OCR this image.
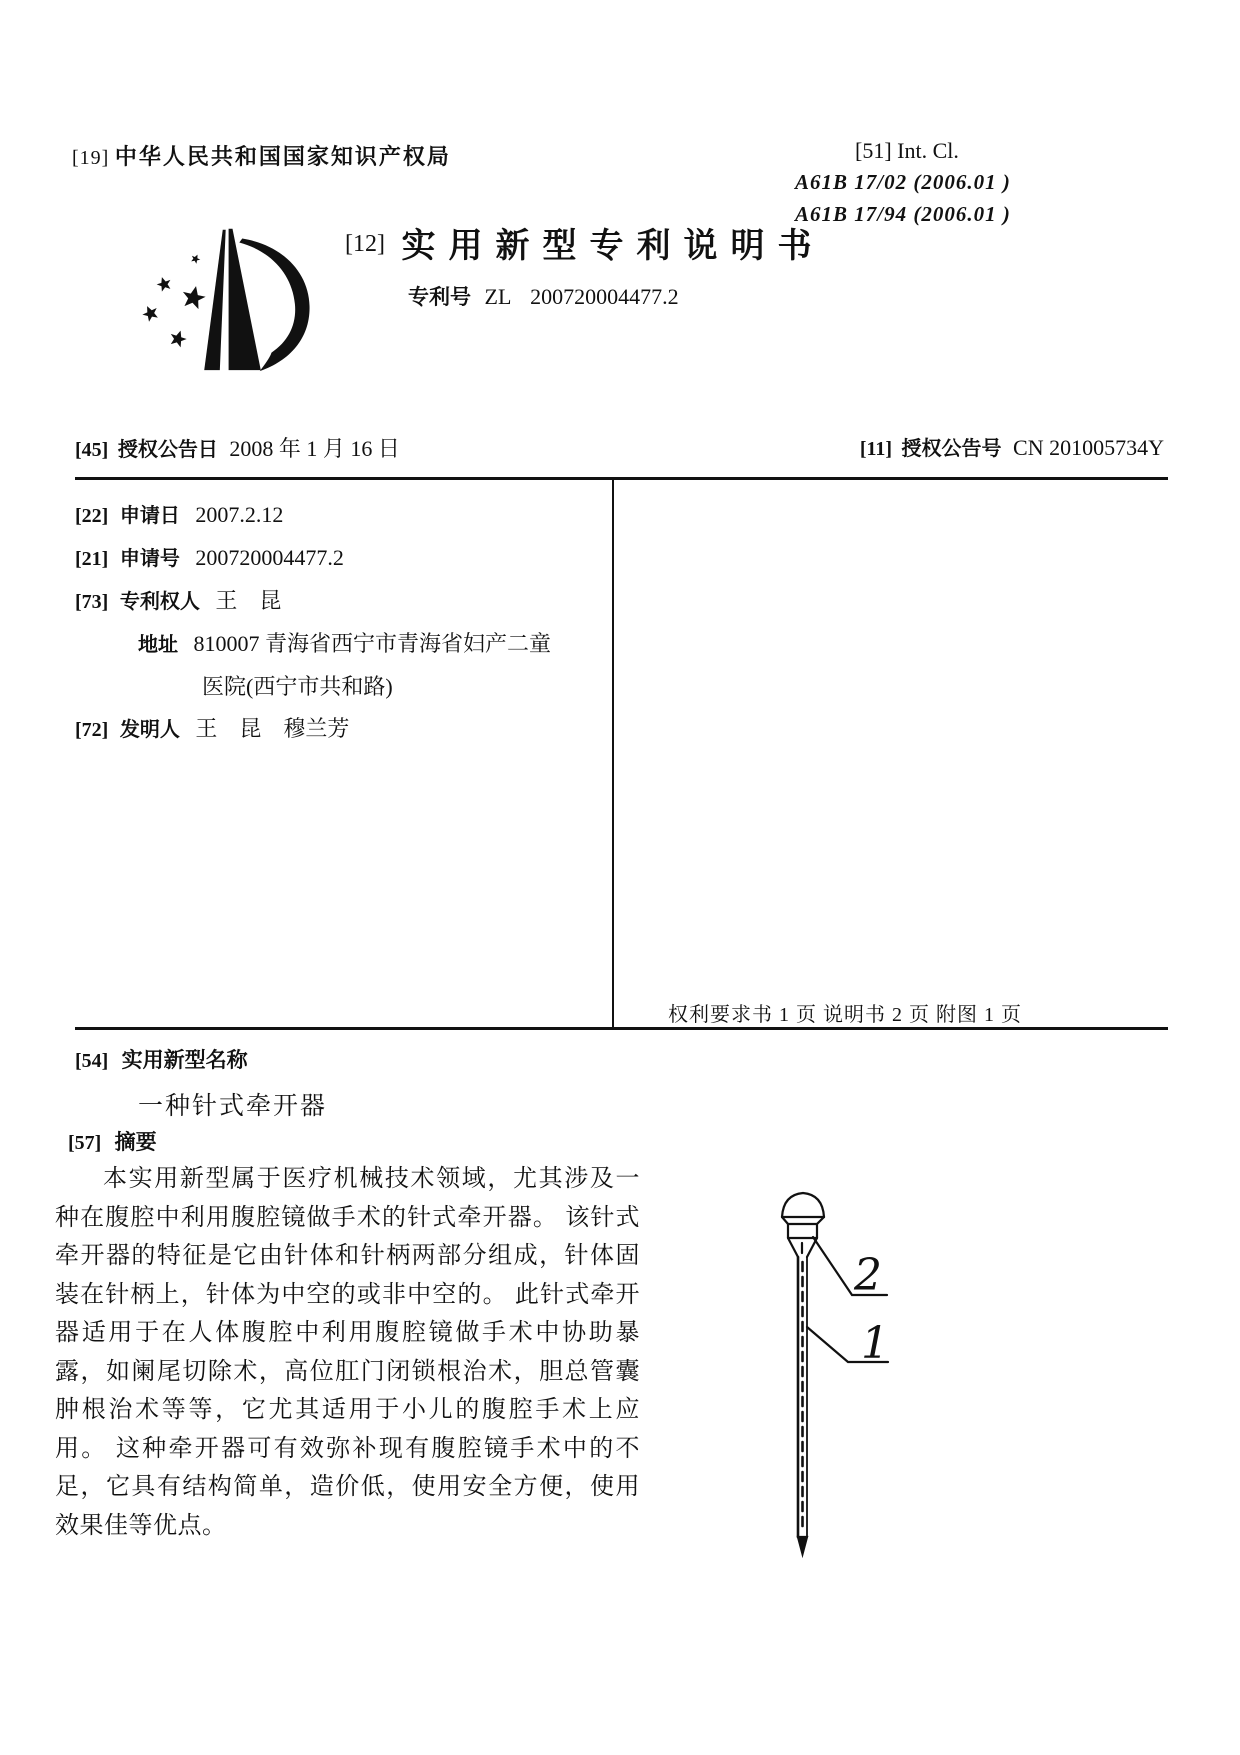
[19] 中华人民共和国国家知识产权局	[51] Int. Cl.
A61B 17/02 (2006.01 )
A61B 17/94 (2006.01 )
[12] 实用新型专利说明书
专利号 ZL 200720004477.2
[45] 授权公告日 2008 年 1 月 16 日	[11] 授权公告号 CN 201005734Y
[22] 申请日 2007.2.12
[21] 申请号 200720004477.2
[73] 专利权人 王　昆
地址 810007 青海省西宁市青海省妇产二童
医院(西宁市共和路)
[72] 发明人 王　昆　穆兰芳
权利要求书 1 页 说明书 2 页 附图 1 页
[54] 实用新型名称
一种针式牵开器
[57] 摘要
本实用新型属于医疗机械技术领域，尤其涉及一种在腹腔中利用腹腔镜做手术的针式牵开器。 该针式牵开器的特征是它由针体和针柄两部分组成，针体固装在针柄上，针体为中空的或非中空的。 此针式牵开器适用于在人体腹腔中利用腹腔镜做手术中协助暴露，如阑尾切除术，高位肛门闭锁根治术，胆总管囊肿根治术等等，它尤其适用于小儿的腹腔手术上应用。 这种牵开器可有效弥补现有腹腔镜手术中的不足，它具有结构简单，造价低，使用安全方便，使用效果佳等优点。
2
1
